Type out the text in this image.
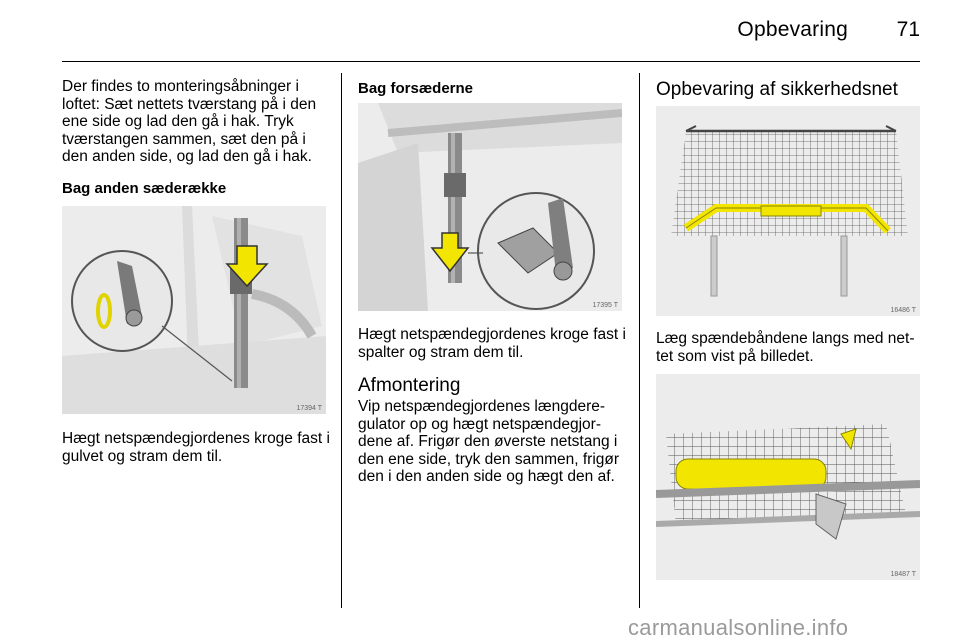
Opbevaring	71

Der findes to monteringsåbninger i loftet: Sæt nettets tværstang på i den ene side og lad den gå i hak. Tryk tværstangen sammen, sæt den på i den anden side, og lad den gå i hak.

Bag anden sæderække
17394 T

Hægt netspændegjordenes kroge fast i gulvet og stram dem til.

Bag forsæderne
17395 T

Hægt netspændegjordenes kroge fast i spalter og stram dem til.

Afmontering

Vip netspændegjordenes længderegulator op og hægt netspændegjordene af. Frigør den øverste netstang i den ene side, tryk den sammen, frigør den i den anden side og hægt den af.

Opbevaring af sikkerhedsnet
16486 T

Læg spændebåndene langs med nettet som vist på billedet.

18487 T
carmanualsonline.info
